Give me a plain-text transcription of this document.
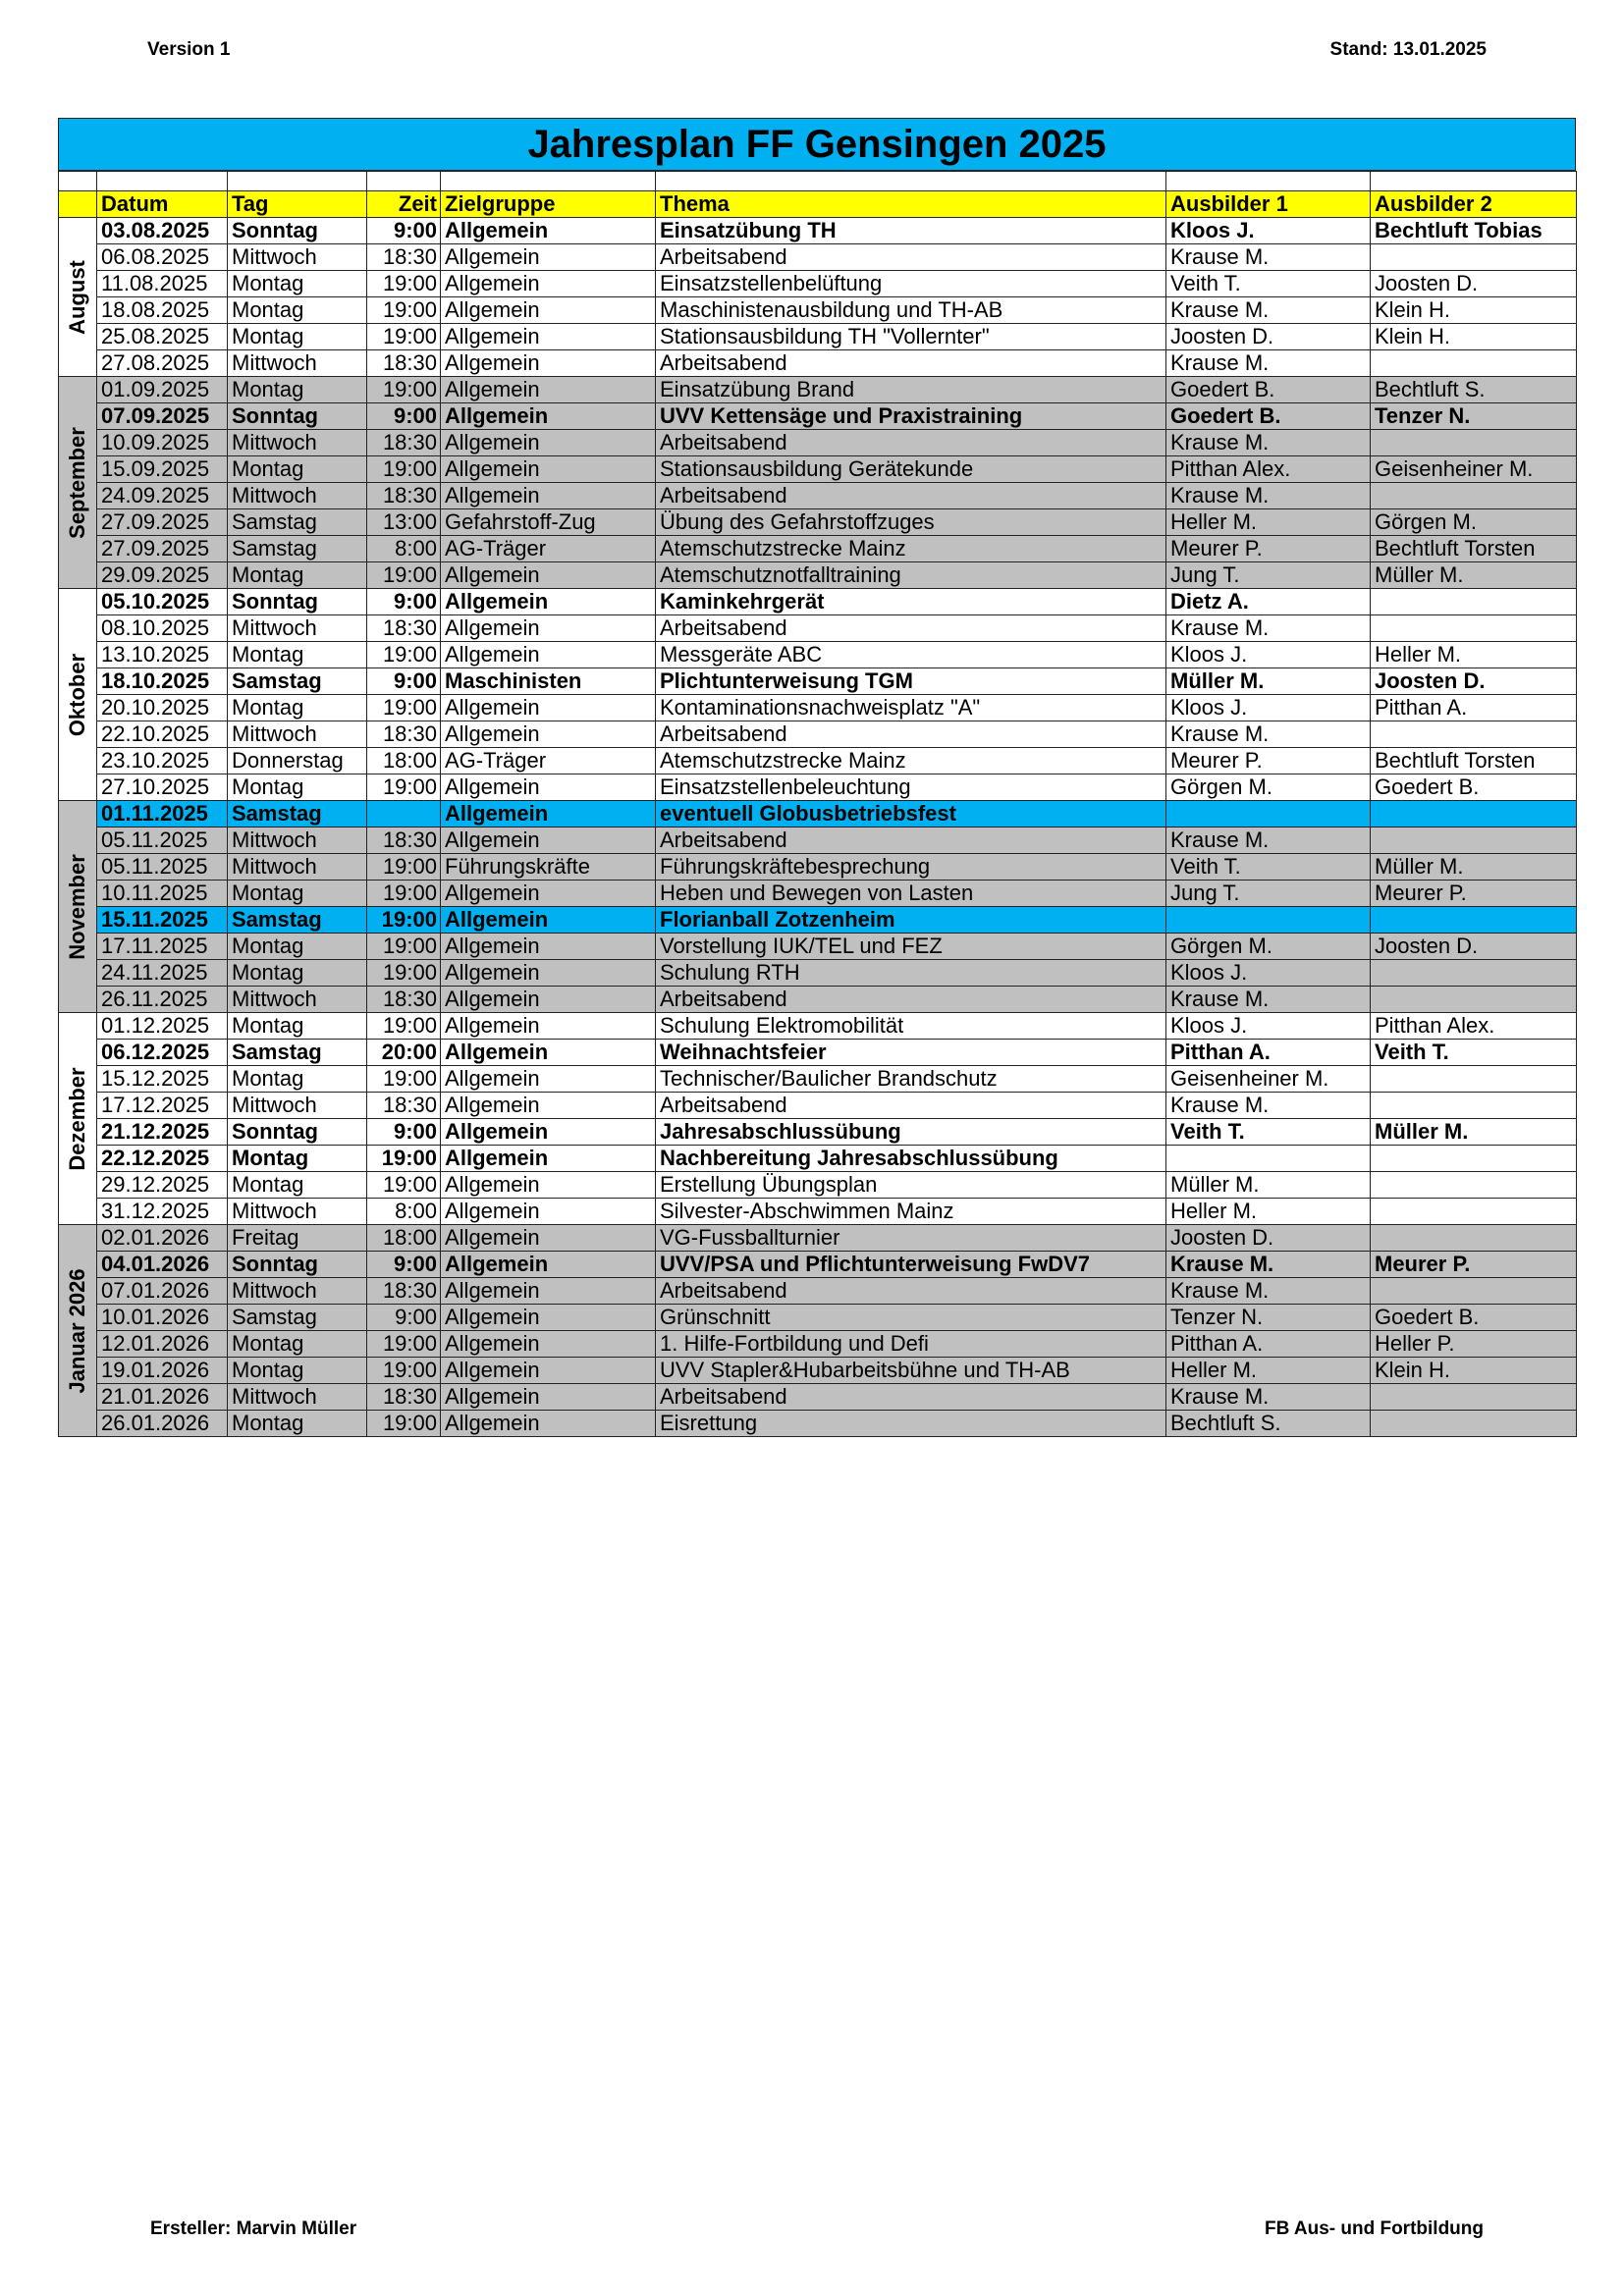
Version 1	Stand: 13.01.2025
Jahresplan FF Gensingen 2025

	Datum	Tag	Zeit	Zielgruppe	Thema	Ausbilder 1	Ausbilder 2

August	03.08.2025	Sonntag	9:00	Allgemein	Einsatzübung TH	Kloos J.	Bechtluft Tobias
	06.08.2025	Mittwoch	18:30	Allgemein	Arbeitsabend	Krause M.	
	11.08.2025	Montag	19:00	Allgemein	Einsatzstellenbelüftung	Veith T.	Joosten D.
	18.08.2025	Montag	19:00	Allgemein	Maschinistenausbildung und TH-AB	Krause M.	Klein H.
	25.08.2025	Montag	19:00	Allgemein	Stationsausbildung TH "Vollernter"	Joosten D.	Klein H.
	27.08.2025	Mittwoch	18:30	Allgemein	Arbeitsabend	Krause M.	

September	01.09.2025	Montag	19:00	Allgemein	Einsatzübung Brand	Goedert B.	Bechtluft S.
	07.09.2025	Sonntag	9:00	Allgemein	UVV Kettensäge und Praxistraining	Goedert B.	Tenzer N.
	10.09.2025	Mittwoch	18:30	Allgemein	Arbeitsabend	Krause M.	
	15.09.2025	Montag	19:00	Allgemein	Stationsausbildung Gerätekunde	Pitthan Alex.	Geisenheiner M.
	24.09.2025	Mittwoch	18:30	Allgemein	Arbeitsabend	Krause M.	
	27.09.2025	Samstag	13:00	Gefahrstoff-Zug	Übung des Gefahrstoffzuges	Heller M.	Görgen M.
	27.09.2025	Samstag	8:00	AG-Träger	Atemschutzstrecke Mainz	Meurer P.	Bechtluft Torsten
	29.09.2025	Montag	19:00	Allgemein	Atemschutznotfalltraining	Jung T.	Müller M.

Oktober	05.10.2025	Sonntag	9:00	Allgemein	Kaminkehrgerät	Dietz A.	
	08.10.2025	Mittwoch	18:30	Allgemein	Arbeitsabend	Krause M.	
	13.10.2025	Montag	19:00	Allgemein	Messgeräte ABC	Kloos J.	Heller M.
	18.10.2025	Samstag	9:00	Maschinisten	Plichtunterweisung TGM	Müller M.	Joosten D.
	20.10.2025	Montag	19:00	Allgemein	Kontaminationsnachweisplatz "A"	Kloos J.	Pitthan A.
	22.10.2025	Mittwoch	18:30	Allgemein	Arbeitsabend	Krause M.	
	23.10.2025	Donnerstag	18:00	AG-Träger	Atemschutzstrecke Mainz	Meurer P.	Bechtluft Torsten
	27.10.2025	Montag	19:00	Allgemein	Einsatzstellenbeleuchtung	Görgen M.	Goedert B.

November	01.11.2025	Samstag		Allgemein	eventuell Globusbetriebsfest		
	05.11.2025	Mittwoch	18:30	Allgemein	Arbeitsabend	Krause M.	
	05.11.2025	Mittwoch	19:00	Führungskräfte	Führungskräftebesprechung	Veith T.	Müller M.
	10.11.2025	Montag	19:00	Allgemein	Heben und Bewegen von Lasten	Jung T.	Meurer P.
	15.11.2025	Samstag	19:00	Allgemein	Florianball Zotzenheim		
	17.11.2025	Montag	19:00	Allgemein	Vorstellung IUK/TEL und FEZ	Görgen M.	Joosten D.
	24.11.2025	Montag	19:00	Allgemein	Schulung RTH	Kloos J.	
	26.11.2025	Mittwoch	18:30	Allgemein	Arbeitsabend	Krause M.	

Dezember	01.12.2025	Montag	19:00	Allgemein	Schulung Elektromobilität	Kloos J.	Pitthan Alex.
	06.12.2025	Samstag	20:00	Allgemein	Weihnachtsfeier	Pitthan A.	Veith T.
	15.12.2025	Montag	19:00	Allgemein	Technischer/Baulicher Brandschutz	Geisenheiner M.	
	17.12.2025	Mittwoch	18:30	Allgemein	Arbeitsabend	Krause M.	
	21.12.2025	Sonntag	9:00	Allgemein	Jahresabschlussübung	Veith T.	Müller M.
	22.12.2025	Montag	19:00	Allgemein	Nachbereitung Jahresabschlussübung		
	29.12.2025	Montag	19:00	Allgemein	Erstellung Übungsplan	Müller M.	
	31.12.2025	Mittwoch	8:00	Allgemein	Silvester-Abschwimmen Mainz	Heller M.	

Januar 2026	02.01.2026	Freitag	18:00	Allgemein	VG-Fussballturnier	Joosten D.	
	04.01.2026	Sonntag	9:00	Allgemein	UVV/PSA und Pflichtunterweisung FwDV7	Krause M.	Meurer P.
	07.01.2026	Mittwoch	18:30	Allgemein	Arbeitsabend	Krause M.	
	10.01.2026	Samstag	9:00	Allgemein	Grünschnitt	Tenzer N.	Goedert B.
	12.01.2026	Montag	19:00	Allgemein	1. Hilfe-Fortbildung und Defi	Pitthan A.	Heller P.
	19.01.2026	Montag	19:00	Allgemein	UVV Stapler&Hubarbeitsbühne und TH-AB	Heller M.	Klein H.
	21.01.2026	Mittwoch	18:30	Allgemein	Arbeitsabend	Krause M.	
	26.01.2026	Montag	19:00	Allgemein	Eisrettung	Bechtluft S.	
Ersteller: Marvin Müller	FB Aus- und Fortbildung
